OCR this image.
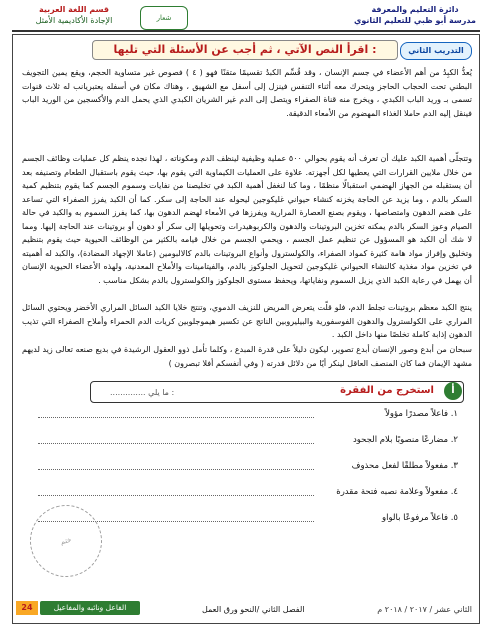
قسم اللغة العربية
الإجادة الأكاديمية الأمثل	شعار
دائرة التعليم والمعرفة
مدرسة أبو ظبي للتعليم الثانوي
التدريب الثاني
اقرأ النص الآتي ، ثم أجب عن الأسئلة التي تليها :
يُعدُّ الكبِدُ من أهم الأعضاء في جسم الإنسان ، وقد قُسِّم الكبدُ تقسيمًا متقنًا فهو ( ٤ ) فصوص غير متساوية الحجم، ويقع يمين التجويف البطني تحت الحجاب الحاجز ويتحرك معه أثناء التنفس فينزل إلى أسفل مع الشهيق ، وهناك مكان في أسفله يعتبريانب له ثلاث قنوات تسمى بـ وريد الباب الكبدي ، ويخرج منه قناة الصفراء ويتصل إلى الدم غير الشريان الكبدي الذي يحمل الدم والأكسجين من الوريد الباب فينقل إليه الدم حاملا الغذاء المهضوم من الأمعاء الدقيقة.
وتتجلّى أهمية الكبد عليك أن تعرف أنه يقوم بحوالي ٥٠٠ عملية وظيفية لينظف الدم ومكوناته ، لهذا نجده ينظم كل عمليات وظائف الجسم من خلال ملايين القرارات التي يعطيها لكل أجهزته. علاوة على العمليات الكيماوية التي يقوم بها، حيث يقوم باستقبال الطعام وتصنيفه بعد أن يستقبله من الجهاز الهضمي استقبالًا منظمًا ، وما كنا لنغفل أهمية الكبد في تخليصنا من نفايات وسموم الجسم كما يقوم بتنظيم كمية السكر بالدم ، وما يزيد عن الحاجة يخزنه كنشاء حيواني غليكوجين ليحوله عند الحاجة إلى سكر. كما أن الكبد يفرز الصفراء التي تساعد على هضم الدهون وامتصاصها ، ويقوم بصنع العصارة المرارية ويفرزها في الأمعاء لهضم الدهون بها، كما يفرز السموم به والكبد في حالة الصيام وعوز السكر بالدم يمكنه تخزين البروتينات والدهون والكربوهيدرات وتحويلها إلى سكر أو دهون أو بروتينات عند الحاجة إليها. ومما لا شك أن الكبد هو المسؤول عن تنظيم عمل الجسم ، ويحمي الجسم من خلال قيامه بالكثير من الوظائف الحيوية حيث يقوم بتنظيم وتخليق وإفراز مواد هامة كثيرة كمواد الصفراء، والكولسترول وأنواع البروتينات بالدم كالالبومين (عاملا الإجهاد المضادة)، والكبد له أهميته في تخزين مواد مغذية كالنشاء الحيواني غليكوجين لتحويل الجلوكوز بالدم، والفيتامينات والأملاح المعدنية، ولهذه الأعضاء الحيوية الإنسان أن يهمل في رعاية الكبد الذي يزيل السموم ونفاياتها، ويحفظ مستوى الجلوكوز والكولسترول بالدم بشكل مناسب .
ينتج الكبد معظم بروتينات تجلط الدم، فلو قلّت يتعرض المريض للنزيف الدموي، وتنتج خلايا الكبد السائل المراري الأخضر ويحتوي السائل المراري على الكولسترول والدهون الفوسفورية والبيليروبين الناتج عن تكسير هيموجلوبين كريات الدم الحمراء وأملاح الصفراء التي تذيب الدهون إذابة كاملة تخلصًا منها داخل الكبد .
سبحان من أبدع وصور الإنسان أبدع تصوير، ليكون دليلاً على قدرة المبدع ، وكلما تأمل ذوو العقول الرشيدة في بديع صنعه تعالى زيد لديهم مشهد الإيمان فما كان المنصف العاقل لينكر أيًا من دلائل قدرته ( وفي أنفسكم أفلا تبصرون )
أ
استخرج من الفقرة
.............. ما يلي :
١. فاعلاً مصدرًا مؤولاً
٢. مضارعًا منصوبًا بلام الجحود
٣. مفعولاً مطلقًا لفعل محذوف
٤. مفعولاً وعلامة نصبه فتحة مقدرة
٥. فاعلاً مرفوعًا بالواو
ختم
24	الفاعل ونائبه والمفاعيل	الفصل الثاني /النحو ورق العمل	الثاني عشر / ٢٠١٧ / ٢٠١٨ م
